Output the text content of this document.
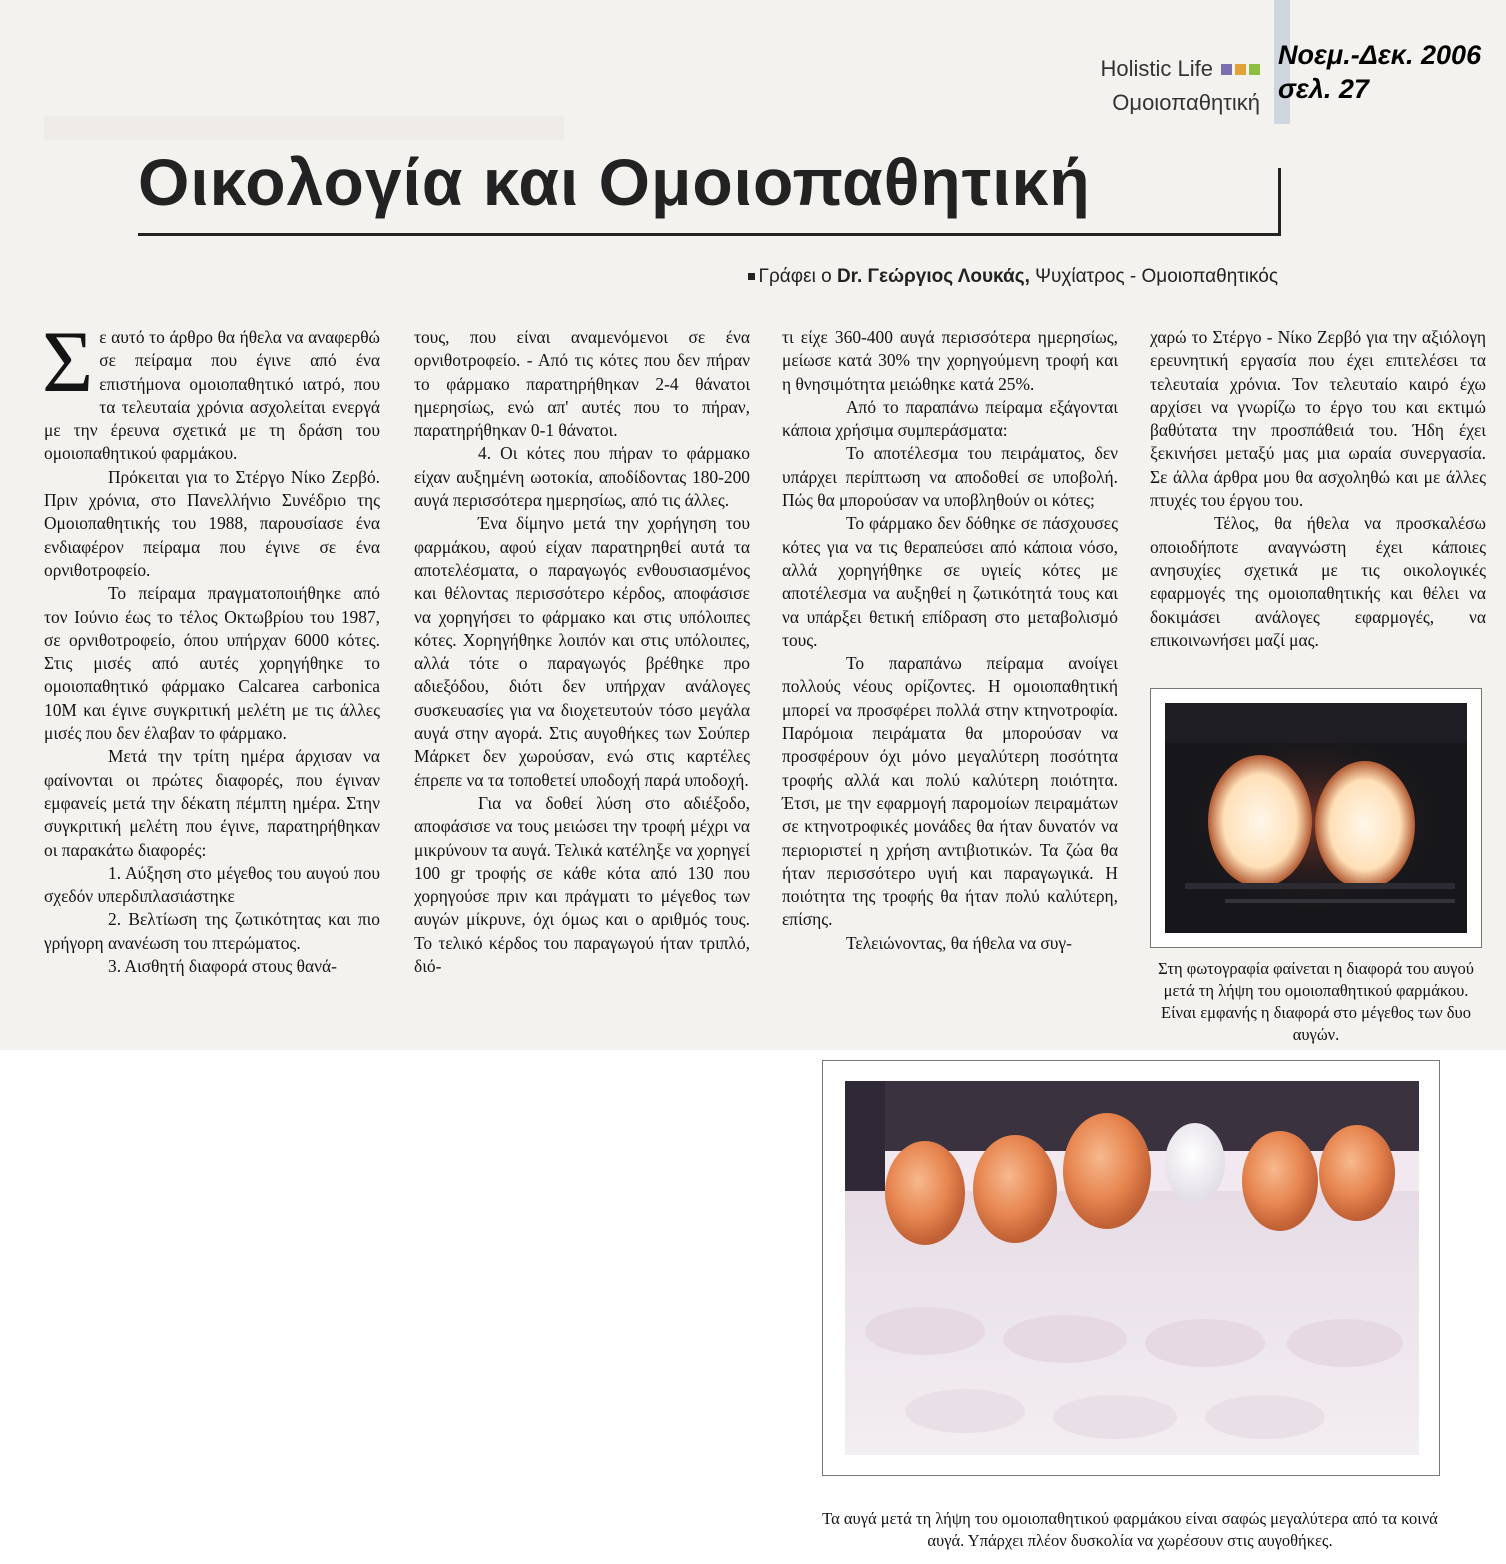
Holistic Life
Ομοιοπαθητική
Νοεμ.-Δεκ. 2006
σελ. 27
Οικολογία και Ομοιοπαθητική
Γράφει ο Dr. Γεώργιος Λουκάς, Ψυχίατρος - Ομοιοπαθητικός

Σε αυτό το άρθρο θα ήθελα να αναφερθώ σε πείραμα που έγινε από ένα επιστήμονα ομοιοπαθητικό ιατρό, που τα τελευταία χρόνια ασχολείται ενεργά με την έρευνα σχετικά με τη δράση του ομοιοπαθητικού φαρμάκου.

Πρόκειται για το Στέργο Νίκο Ζερβό. Πριν χρόνια, στο Πανελλήνιο Συνέδριο της Ομοιοπαθητικής του 1988, παρουσίασε ένα ενδιαφέρον πείραμα που έγινε σε ένα ορνιθοτροφείο.

Το πείραμα πραγματοποιήθηκε από τον Ιούνιο έως το τέλος Οκτωβρίου του 1987, σε ορνιθοτροφείο, όπου υπήρχαν 6000 κότες. Στις μισές από αυτές χορηγήθηκε το ομοιοπαθητικό φάρμακο Calcarea carbonica 10M και έγινε συγκριτική μελέτη με τις άλλες μισές που δεν έλαβαν το φάρμακο.

Μετά την τρίτη ημέρα άρχισαν να φαίνονται οι πρώτες διαφορές, που έγιναν εμφανείς μετά την δέκατη πέμπτη ημέρα. Στην συγκριτική μελέτη που έγινε, παρατηρήθηκαν οι παρακάτω διαφορές:

1. Αύξηση στο μέγεθος του αυγού που σχεδόν υπερδιπλασιάστηκε

2. Βελτίωση της ζωτικότητας και πιο γρήγορη ανανέωση του πτερώματος.

3. Αισθητή διαφορά στους θανά-

τους, που είναι αναμενόμενοι σε ένα ορνιθοτροφείο. - Από τις κότες που δεν πήραν το φάρμακο παρατηρήθηκαν 2-4 θάνατοι ημερησίως, ενώ απ' αυτές που το πήραν, παρατηρήθηκαν 0-1 θάνατοι.

4. Οι κότες που πήραν το φάρμακο είχαν αυξημένη ωοτοκία, αποδίδοντας 180-200 αυγά περισσότερα ημερησίως, από τις άλλες.

Ένα δίμηνο μετά την χορήγηση του φαρμάκου, αφού είχαν παρατηρηθεί αυτά τα αποτελέσματα, ο παραγωγός ενθουσιασμένος και θέλοντας περισσότερο κέρδος, αποφάσισε να χορηγήσει το φάρμακο και στις υπόλοιπες κότες. Χορηγήθηκε λοιπόν και στις υπόλοιπες, αλλά τότε ο παραγωγός βρέθηκε προ αδιεξόδου, διότι δεν υπήρχαν ανάλογες συσκευασίες για να διοχετευτούν τόσο μεγάλα αυγά στην αγορά. Στις αυγοθήκες των Σούπερ Μάρκετ δεν χωρούσαν, ενώ στις καρτέλες έπρεπε να τα τοποθετεί υποδοχή παρά υποδοχή.

Για να δοθεί λύση στο αδιέξοδο, αποφάσισε να τους μειώσει την τροφή μέχρι να μικρύνουν τα αυγά. Τελικά κατέληξε να χορηγεί 100 gr τροφής σε κάθε κότα από 130 που χορηγούσε πριν και πράγματι το μέγεθος των αυγών μίκρυνε, όχι όμως και ο αριθμός τους. Το τελικό κέρδος του παραγωγού ήταν τριπλό, διό-

τι είχε 360-400 αυγά περισσότερα ημερησίως, μείωσε κατά 30% την χορηγούμενη τροφή και η θνησιμότητα μειώθηκε κατά 25%.

Από το παραπάνω πείραμα εξάγονται κάποια χρήσιμα συμπεράσματα:

Το αποτέλεσμα του πειράματος, δεν υπάρχει περίπτωση να αποδοθεί σε υποβολή. Πώς θα μπορούσαν να υποβληθούν οι κότες;

Το φάρμακο δεν δόθηκε σε πάσχουσες κότες για να τις θεραπεύσει από κάποια νόσο, αλλά χορηγήθηκε σε υγιείς κότες με αποτέλεσμα να αυξηθεί η ζωτικότητά τους και να υπάρξει θετική επίδραση στο μεταβολισμό τους.

Το παραπάνω πείραμα ανοίγει πολλούς νέους ορίζοντες. Η ομοιοπαθητική μπορεί να προσφέρει πολλά στην κτηνοτροφία. Παρόμοια πειράματα θα μπορούσαν να προσφέρουν όχι μόνο μεγαλύτερη ποσότητα τροφής αλλά και πολύ καλύτερη ποιότητα. Έτσι, με την εφαρμογή παρομοίων πειραμάτων σε κτηνοτροφικές μονάδες θα ήταν δυνατόν να περιοριστεί η χρήση αντιβιοτικών. Τα ζώα θα ήταν περισσότερο υγιή και παραγωγικά. Η ποιότητα της τροφής θα ήταν πολύ καλύτερη, επίσης.

Τελειώνοντας, θα ήθελα να συγ-

χαρώ το Στέργο - Νίκο Ζερβό για την αξιόλογη ερευνητική εργασία που έχει επιτελέσει τα τελευταία χρόνια. Τον τελευταίο καιρό έχω αρχίσει να γνωρίζω το έργο του και εκτιμώ βαθύτατα την προσπάθειά του. Ήδη έχει ξεκινήσει μεταξύ μας μια ωραία συνεργασία. Σε άλλα άρθρα μου θα ασχοληθώ και με άλλες πτυχές του έργου του.

Τέλος, θα ήθελα να προσκαλέσω οποιοδήποτε αναγνώστη έχει κάποιες ανησυχίες σχετικά με τις οικολογικές εφαρμογές της ομοιοπαθητικής και θέλει να δοκιμάσει ανάλογες εφαρμογές, να επικοινωνήσει μαζί μας.

Στη φωτογραφία φαίνεται η διαφορά του αυγού μετά τη λήψη του ομοιοπαθητικού φαρμάκου. Είναι εμφανής η διαφορά στο μέγεθος των δυο αυγών.
Τα αυγά μετά τη λήψη του ομοιοπαθητικού φαρμάκου είναι σαφώς μεγαλύτερα από τα κοινά αυγά. Υπάρχει πλέον δυσκολία να χωρέσουν στις αυγοθήκες.
